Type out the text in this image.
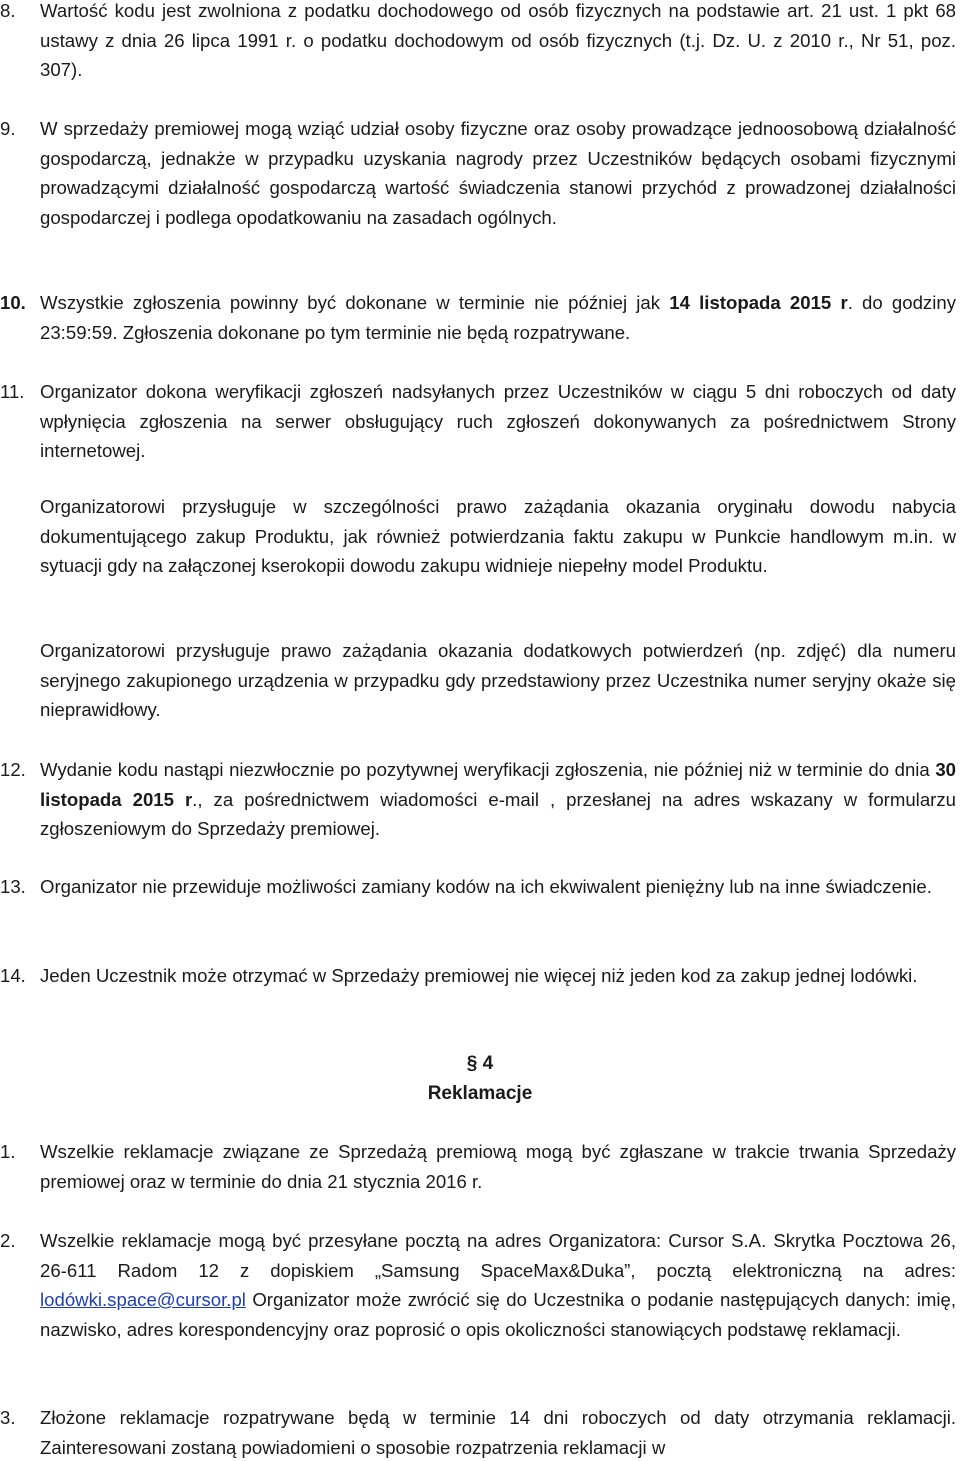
8.	Wartość kodu jest zwolniona z podatku dochodowego od osób fizycznych na podstawie art. 21 ust. 1 pkt 68 ustawy z dnia 26 lipca 1991 r. o podatku dochodowym od osób fizycznych (t.j. Dz. U. z 2010 r., Nr 51, poz. 307).
9.	W sprzedaży premiowej mogą wziąć udział osoby fizyczne oraz osoby prowadzące jednoosobową działalność gospodarczą, jednakże w przypadku uzyskania nagrody przez Uczestników będących osobami fizycznymi prowadzącymi działalność gospodarczą wartość świadczenia stanowi przychód z prowadzonej działalności gospodarczej i podlega opodatkowaniu na zasadach ogólnych.
10. Wszystkie zgłoszenia powinny być dokonane w terminie nie później jak 14 listopada 2015 r. do godziny 23:59:59. Zgłoszenia dokonane po tym terminie nie będą rozpatrywane.
11. Organizator dokona weryfikacji zgłoszeń nadsyłanych przez Uczestników w ciągu 5 dni roboczych od daty wpłynięcia zgłoszenia na serwer obsługujący ruch zgłoszeń dokonywanych za pośrednictwem Strony internetowej.
Organizatorowi przysługuje w szczególności prawo zażądania okazania oryginału dowodu nabycia dokumentującego zakup Produktu, jak również potwierdzania faktu zakupu w Punkcie handlowym m.in. w sytuacji gdy na załączonej kserokopii dowodu zakupu widnieje niepełny model Produktu.
Organizatorowi przysługuje prawo zażądania okazania dodatkowych potwierdzeń (np. zdjęć) dla numeru seryjnego zakupionego urządzenia w przypadku gdy przedstawiony przez Uczestnika numer seryjny okaże się nieprawidłowy.
12. Wydanie kodu nastąpi niezwłocznie po pozytywnej weryfikacji zgłoszenia, nie później niż w terminie do dnia 30 listopada 2015 r., za pośrednictwem wiadomości e-mail , przesłanej na adres wskazany w formularzu zgłoszeniowym do Sprzedaży premiowej.
13. Organizator nie przewiduje możliwości zamiany kodów na ich ekwiwalent pieniężny lub na inne świadczenie.
14. Jeden Uczestnik może otrzymać w Sprzedaży premiowej nie więcej niż jeden kod za zakup jednej lodówki.
§ 4
Reklamacje
1.	Wszelkie reklamacje związane ze Sprzedażą premiową mogą być zgłaszane w trakcie trwania Sprzedaży premiowej oraz w terminie do dnia 21 stycznia 2016 r.
2.	Wszelkie reklamacje mogą być przesyłane pocztą na adres Organizatora: Cursor S.A. Skrytka Pocztowa 26, 26-611 Radom 12 z dopiskiem „Samsung SpaceMax&Duka”, pocztą elektroniczną na adres: lodówki.space@cursor.pl Organizator może zwrócić się do Uczestnika o podanie następujących danych: imię, nazwisko, adres korespondencyjny oraz poprosić o opis okoliczności stanowiących podstawę reklamacji.
3.	Złożone reklamacje rozpatrywane będą w terminie 14 dni roboczych od daty otrzymania reklamacji. Zainteresowani zostaną powiadomieni o sposobie rozpatrzenia reklamacji w
